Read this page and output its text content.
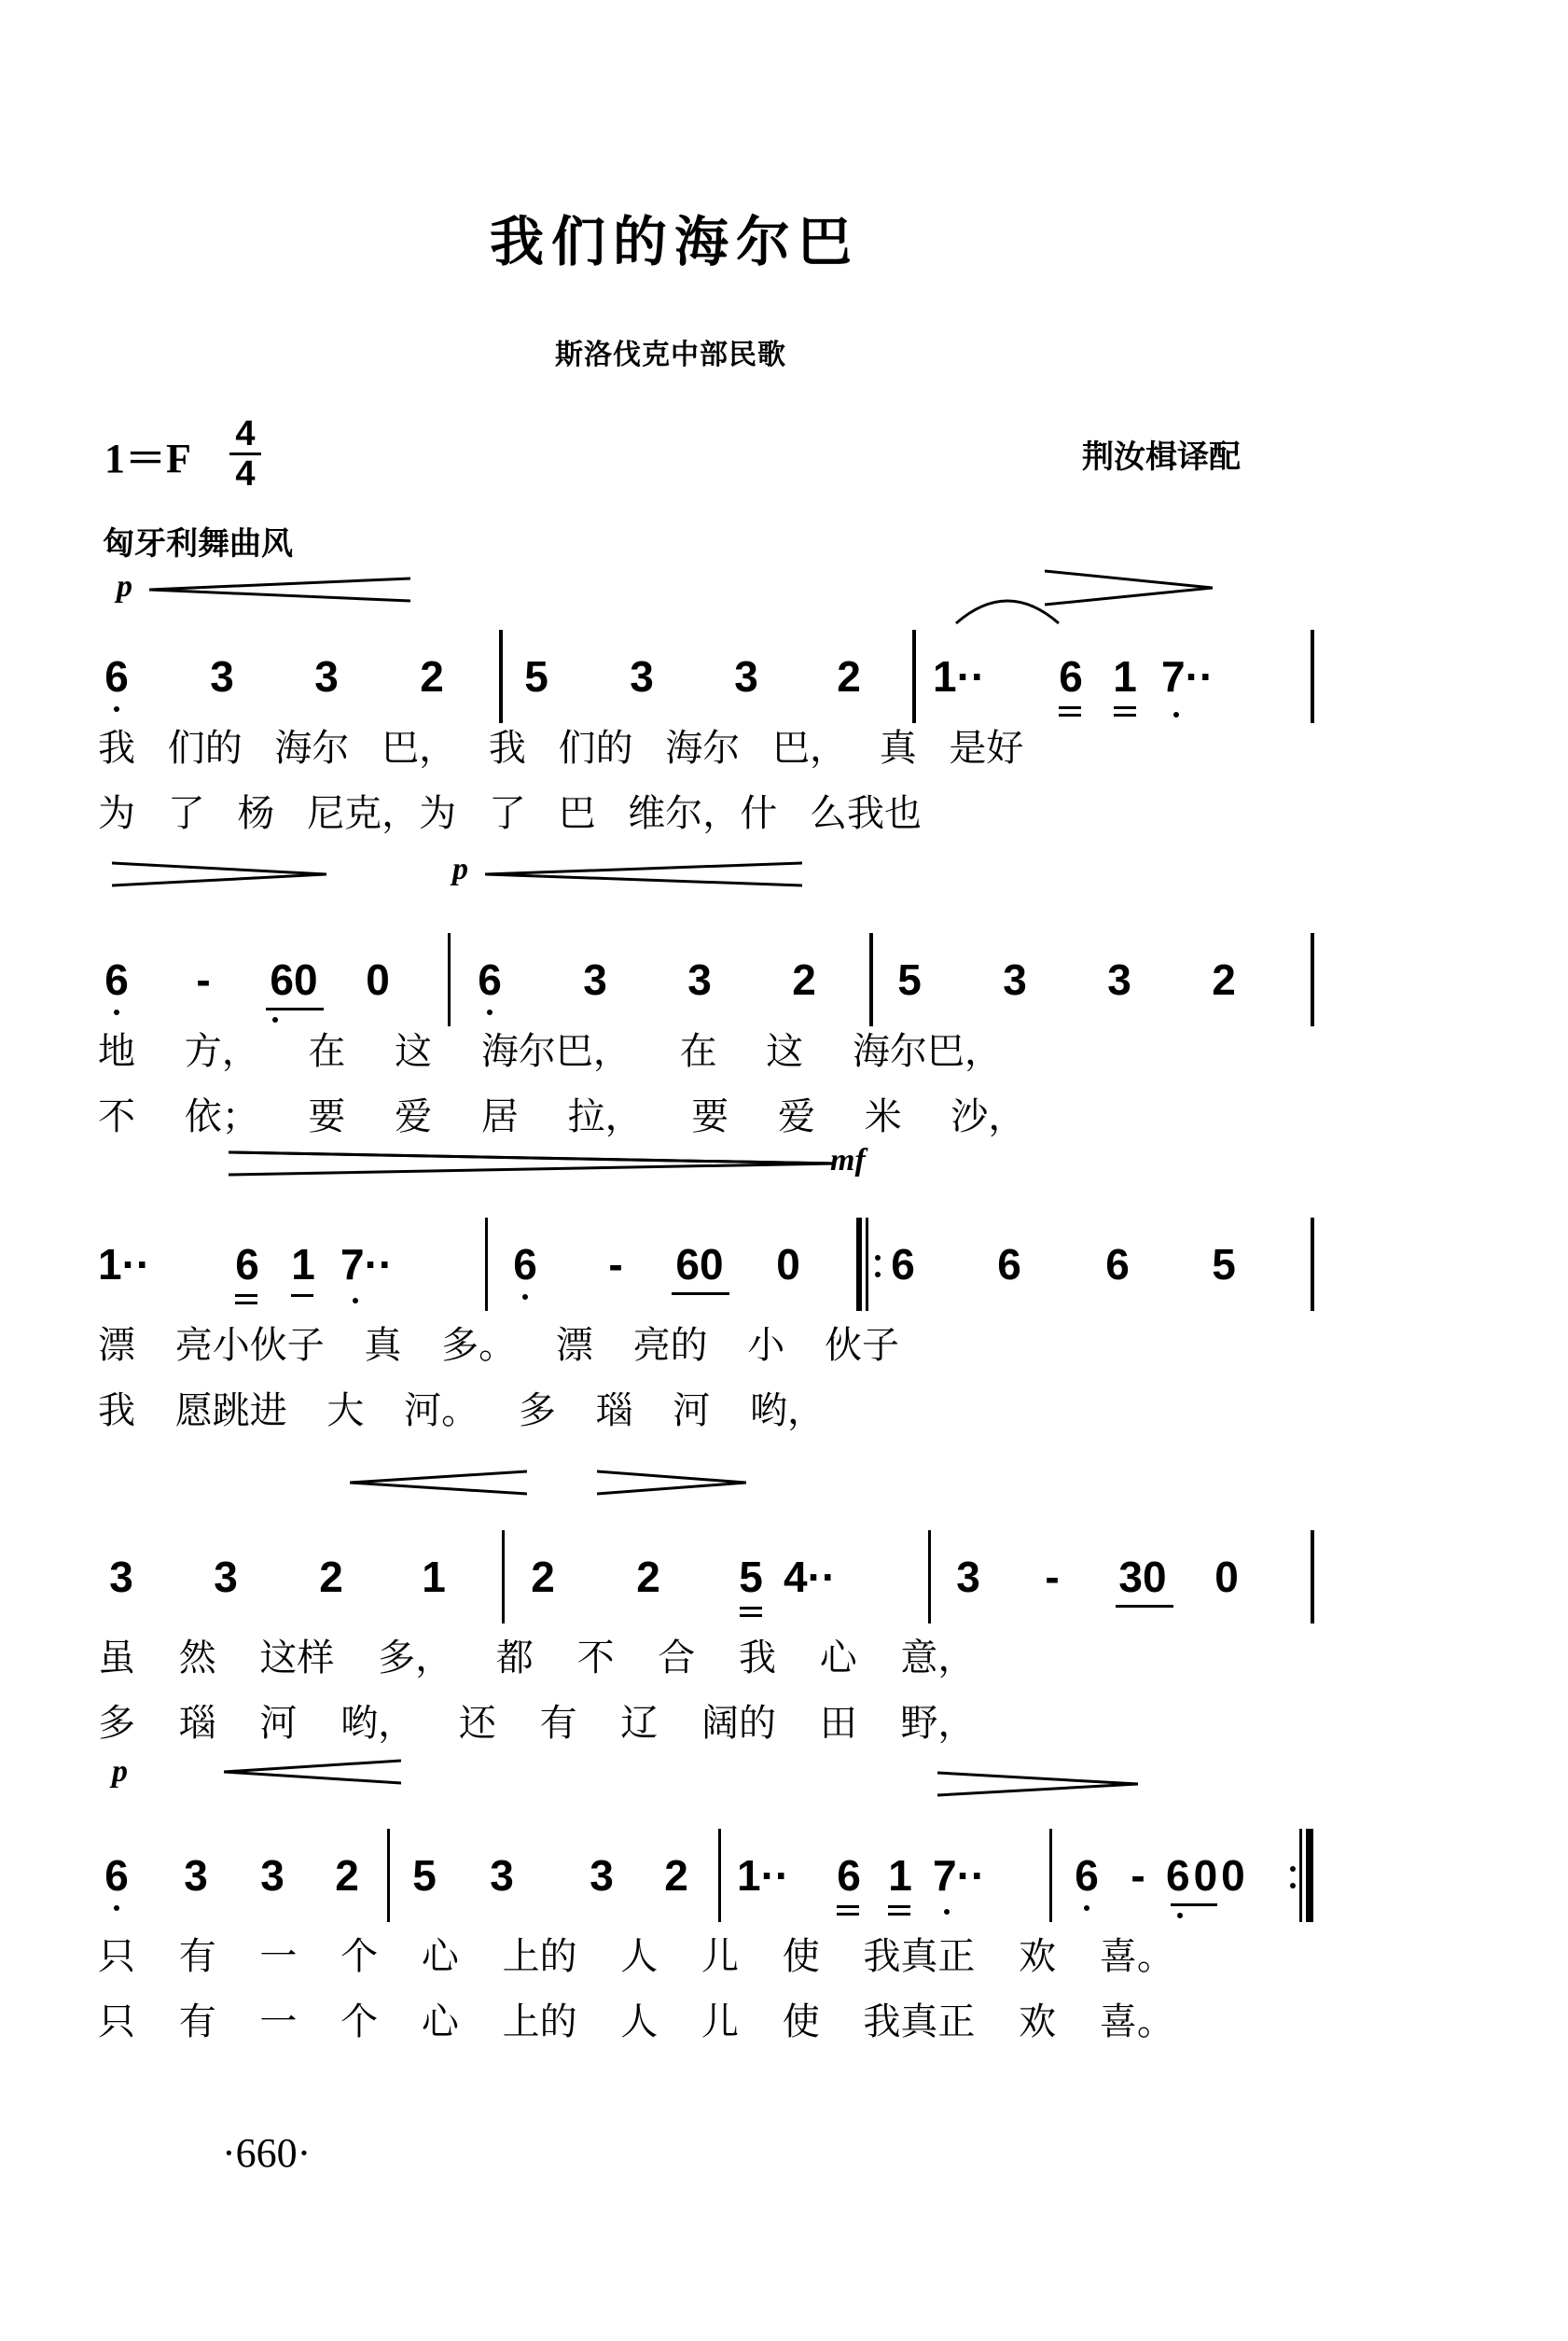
我们的海尔巴
斯洛伐克中部民歌
$1=F \frac{4}{4}$	荆汝楫译配
匈牙利舞曲风
p
6 3 3 2 5 3 3 2 1·· 6 1 7··
我 们的 海尔 巴， 我 们的 海尔 巴， 真 是好
为 了 杨 尼克，为 了 巴 维尔，什 么我也
p
6 - 60 0 6 3 3 2 5 3 3 2
地 方， 在 这 海尔巴， 在 这 海尔巴，
不 依； 要 爱 居 拉， 要 爱 米 沙，
mf
1·· 6 1 7··	6 - 60 0 6 6 6 5
漂 亮小伙子 真 多。 漂 亮的 小 伙子
我 愿跳进 大 河。 多 瑙 河 哟，
3 3 2 1 2 2 5 4··	3 - 30 0
虽 然 这样 多， 都 不 合 我 心 意，
多 瑙 河 哟， 还 有 辽 阔的 田 野，
p
6 3 3 2 5 3 3 2 1·· 6 1 7··	6 - 600
只 有 一 个 心 上的 人 儿 使 我真正 欢 喜。
只 有 一 个 心 上的 人 儿 使 我真正 欢 喜。
·660·
